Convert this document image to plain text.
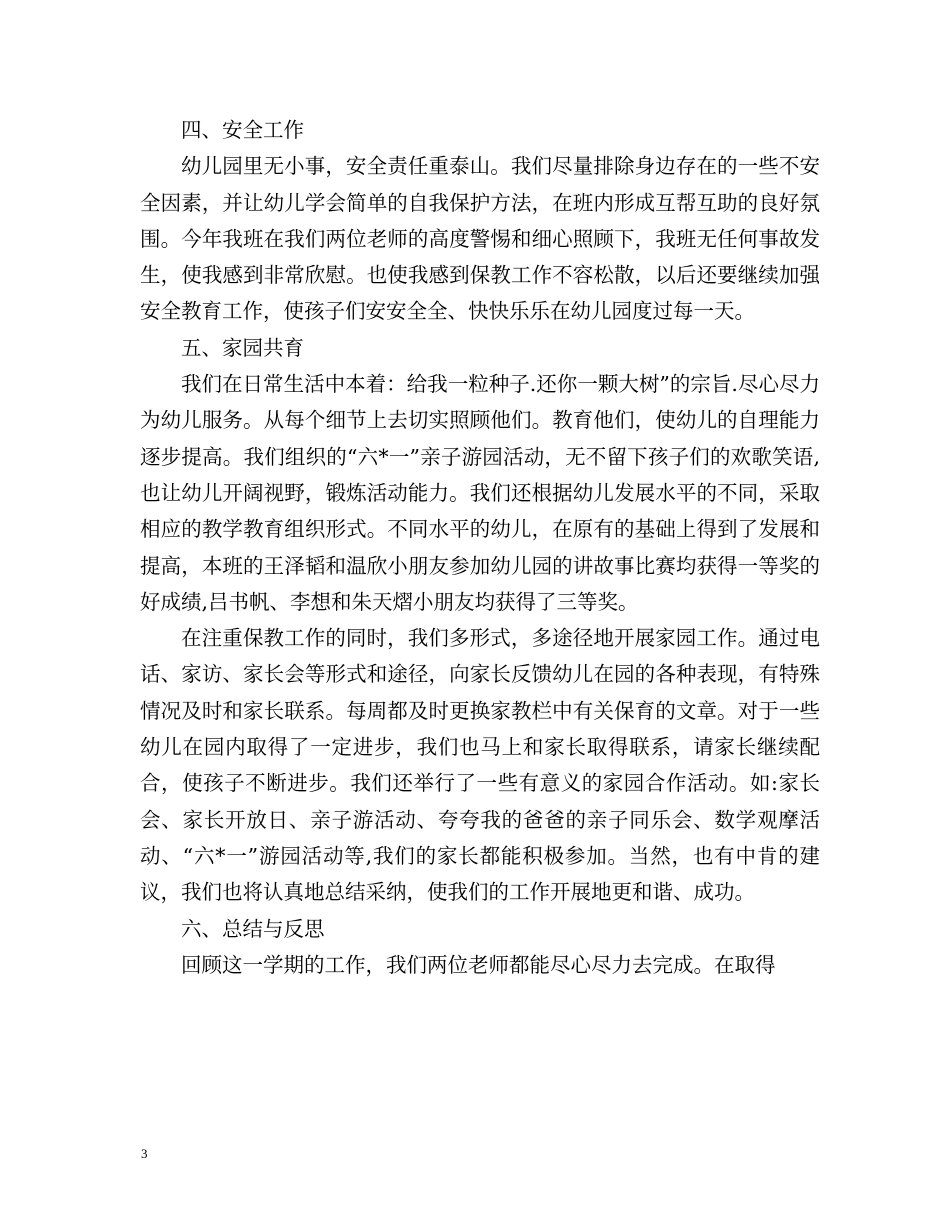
四、安全工作

幼儿园里无小事，安全责任重泰山。我们尽量排除身边存在的一些不安全因素，并让幼儿学会简单的自我保护方法，在班内形成互帮互助的良好氛围。今年我班在我们两位老师的高度警惕和细心照顾下，我班无任何事故发生，使我感到非常欣慰。也使我感到保教工作不容松散，以后还要继续加强安全教育工作，使孩子们安安全全、快快乐乐在幼儿园度过每一天。

五、家园共育

我们在日常生活中本着：给我一粒种子.还你一颗大树”的宗旨.尽心尽力为幼儿服务。从每个细节上去切实照顾他们。教育他们，使幼儿的自理能力逐步提高。我们组织的“六*一”亲子游园活动，无不留下孩子们的欢歌笑语,也让幼儿开阔视野，锻炼活动能力。我们还根据幼儿发展水平的不同，采取相应的教学教育组织形式。不同水平的幼儿，在原有的基础上得到了发展和提高，本班的王泽韬和温欣小朋友参加幼儿园的讲故事比赛均获得一等奖的好成绩,吕书帆、李想和朱天熠小朋友均获得了三等奖。

在注重保教工作的同时，我们多形式，多途径地开展家园工作。通过电话、家访、家长会等形式和途径，向家长反馈幼儿在园的各种表现，有特殊情况及时和家长联系。每周都及时更换家教栏中有关保育的文章。对于一些幼儿在园内取得了一定进步，我们也马上和家长取得联系，请家长继续配合，使孩子不断进步。我们还举行了一些有意义的家园合作活动。如:家长会、家长开放日、亲子游活动、夸夸我的爸爸的亲子同乐会、数学观摩活动、“六*一”游园活动等,我们的家长都能积极参加。当然，也有中肯的建议，我们也将认真地总结采纳，使我们的工作开展地更和谐、成功。

六、总结与反思

回顾这一学期的工作，我们两位老师都能尽心尽力去完成。在取得

3
